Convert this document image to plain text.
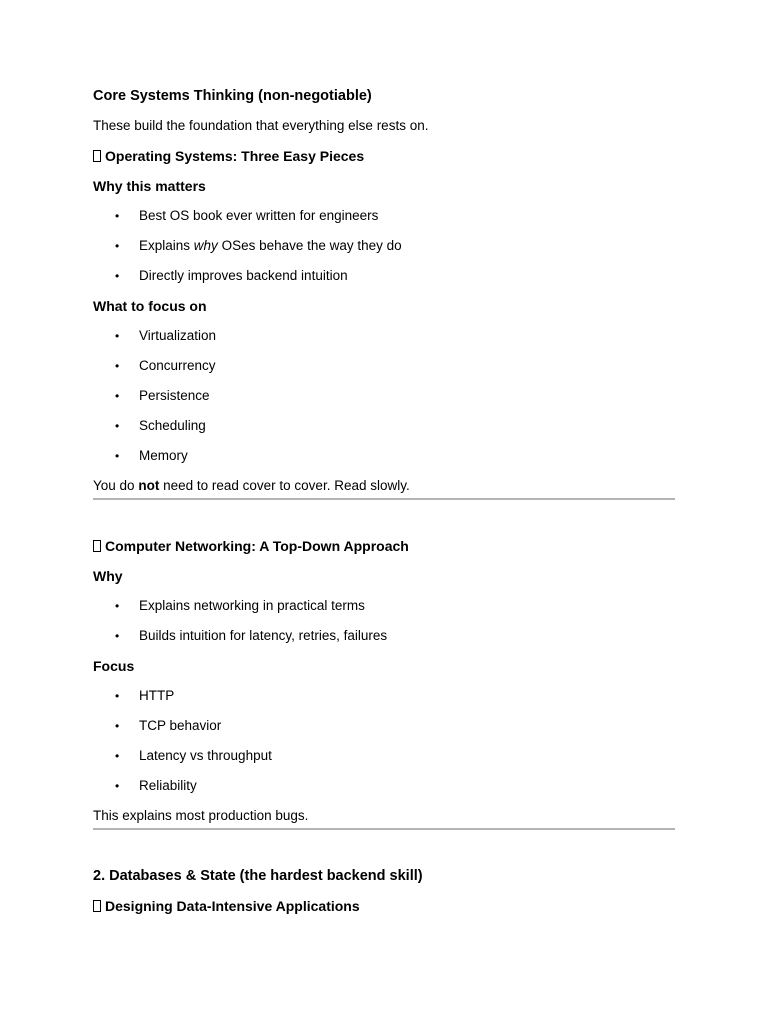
Core Systems Thinking (non-negotiable)
These build the foundation that everything else rests on.
Operating Systems: Three Easy Pieces
Why this matters
• Best OS book ever written for engineers
• Explains why OSes behave the way they do
• Directly improves backend intuition
What to focus on
• Virtualization
• Concurrency
• Persistence
• Scheduling
• Memory
You do not need to read cover to cover. Read slowly.
Computer Networking: A Top-Down Approach
Why
• Explains networking in practical terms
• Builds intuition for latency, retries, failures
Focus
• HTTP
• TCP behavior
• Latency vs throughput
• Reliability
This explains most production bugs.
2. Databases & State (the hardest backend skill)
Designing Data-Intensive Applications
